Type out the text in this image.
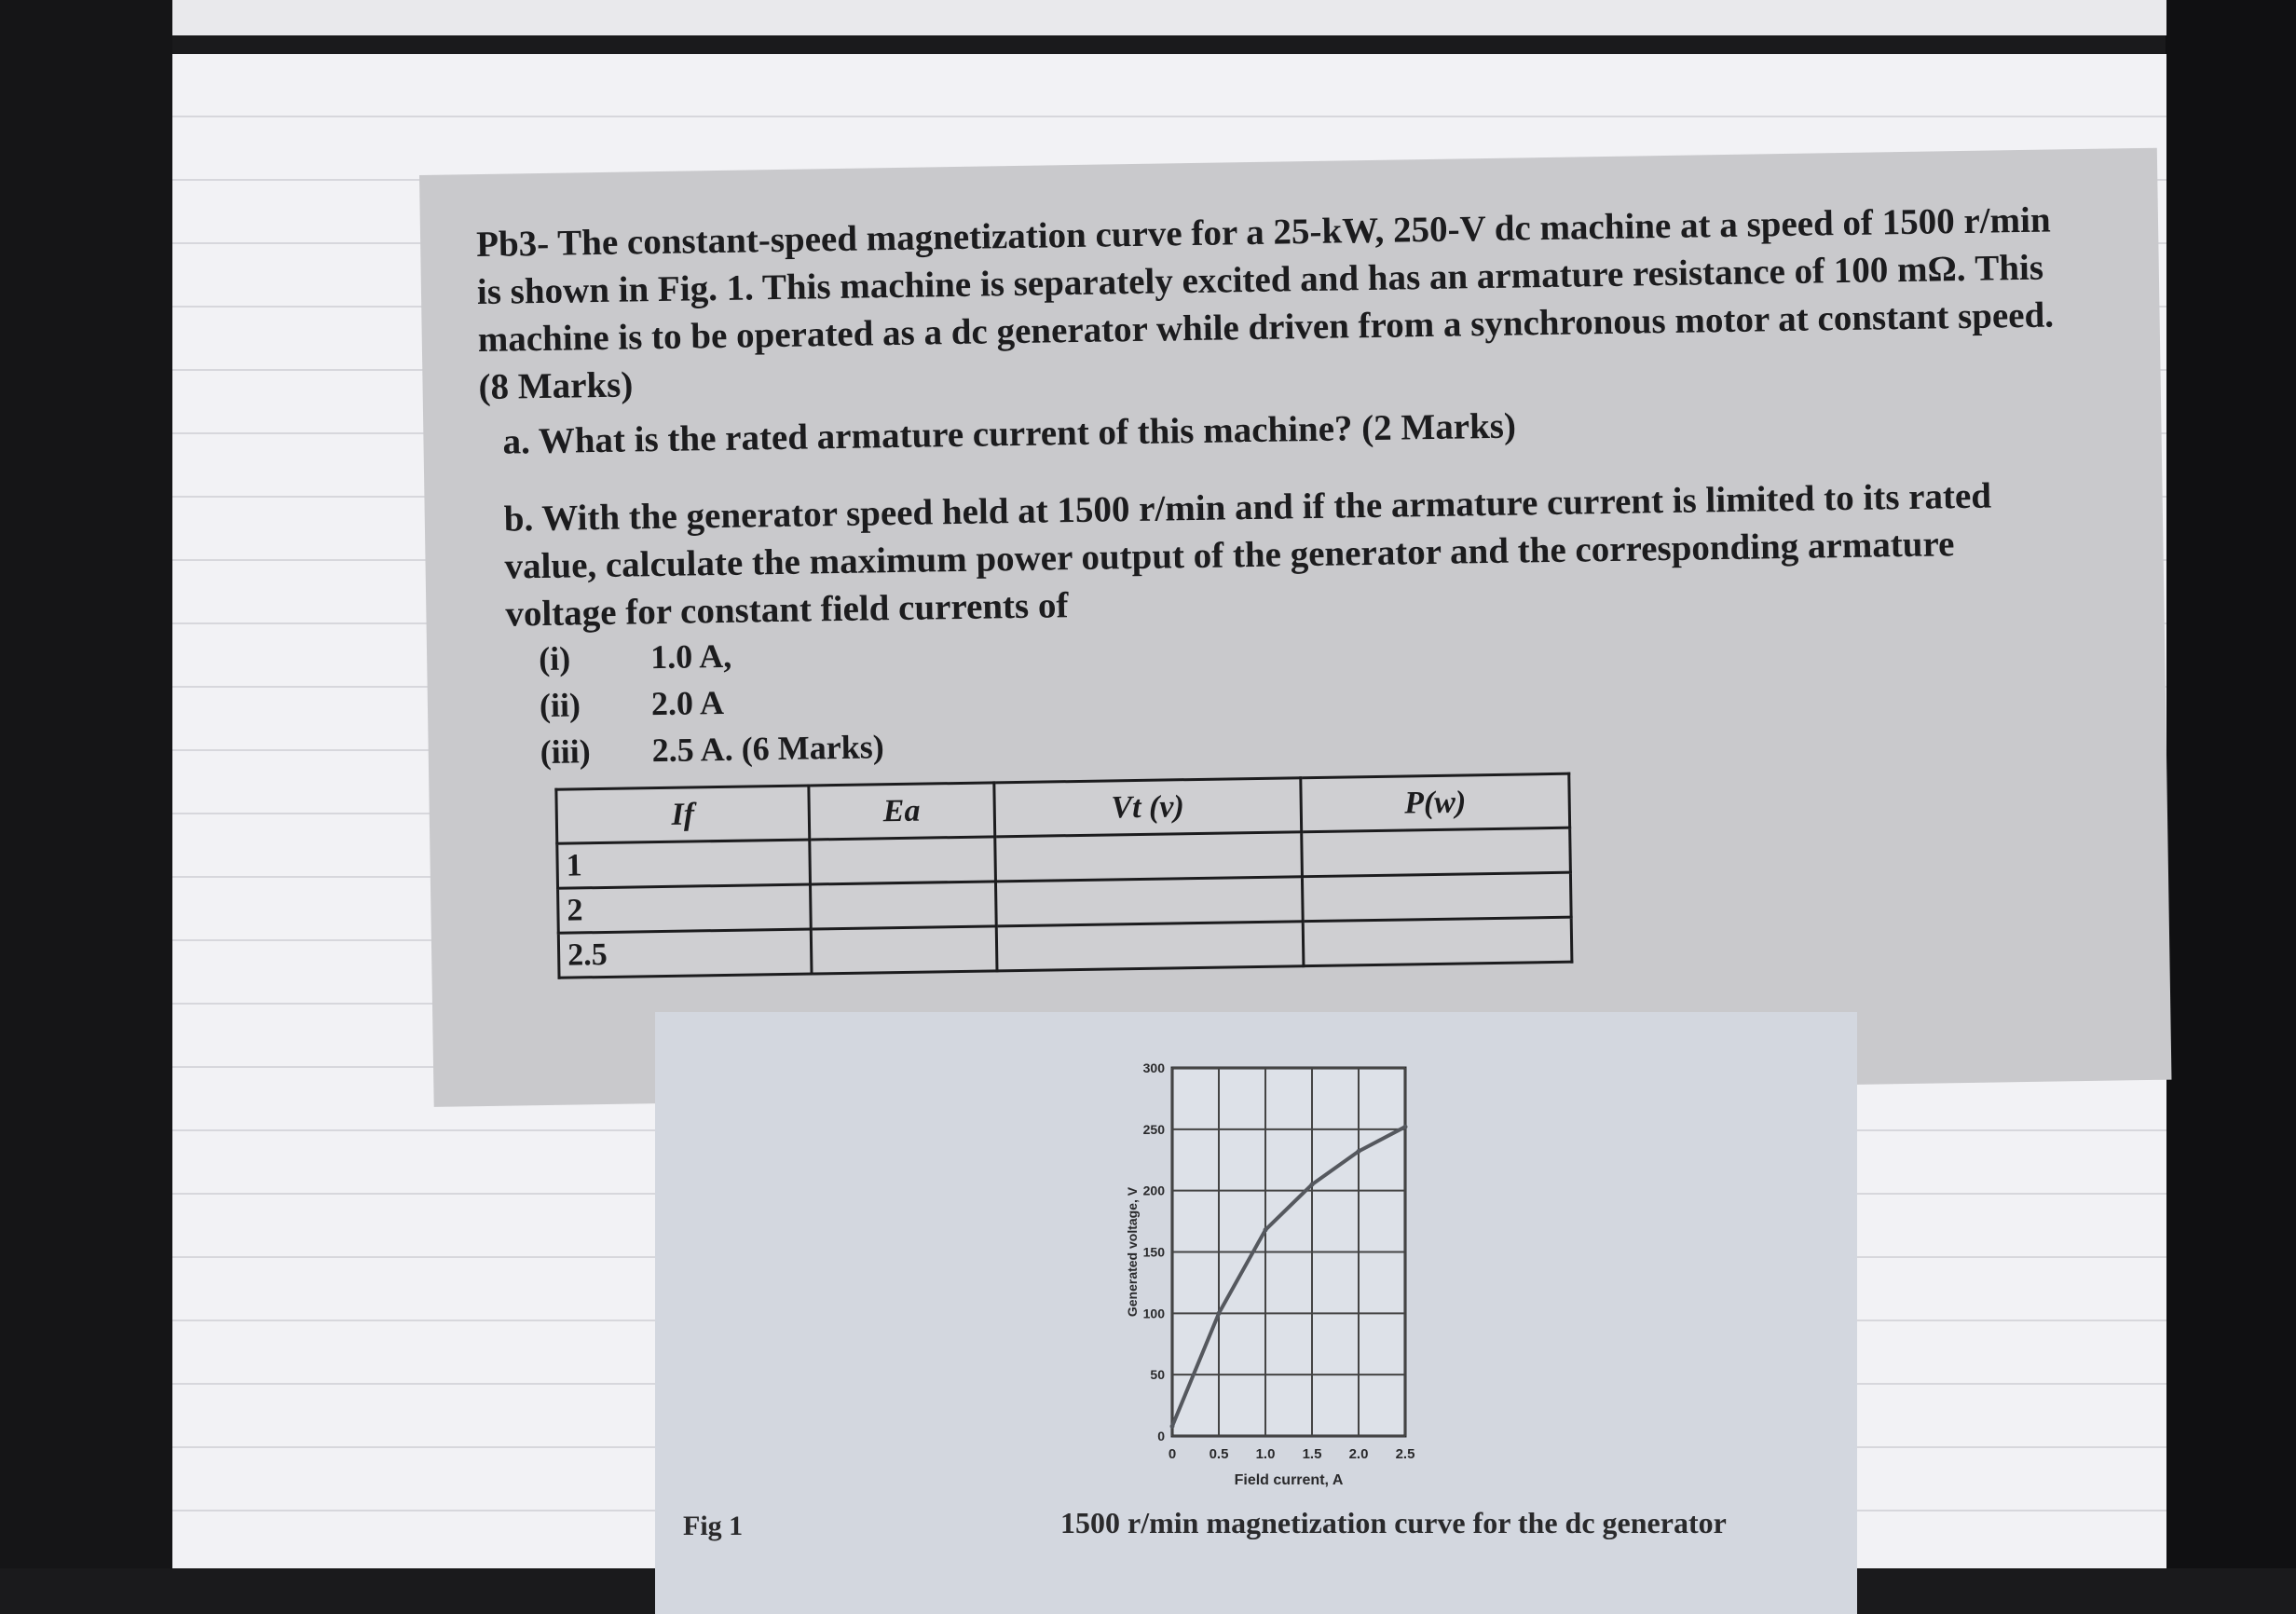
Pb3- The constant-speed magnetization curve for a 25-kW, 250-V dc machine at a speed of 1500 r/min is shown in Fig. 1. This machine is separately excited and has an armature resistance of 100 mΩ. This machine is to be operated as a dc generator while driven from a synchronous motor at constant speed. (8 Marks)

a. What is the rated armature current of this machine? (2 Marks)

b. With the generator speed held at 1500 r/min and if the armature current is limited to its rated value, calculate the maximum power output of the generator and the corresponding armature voltage for constant field currents of

(i) 1.0 A,
(ii) 2.0 A
(iii) 2.5 A. (6 Marks)
If	Ea	Vt (v)	P(w)
1			
2			
2.5			
0 0.5 1.0 1.5 2.0 2.5
0
50
100
150
200
250
300
Field current, A
Generated voltage, V
Fig 1	1500 r/min magnetization curve for the dc generator
